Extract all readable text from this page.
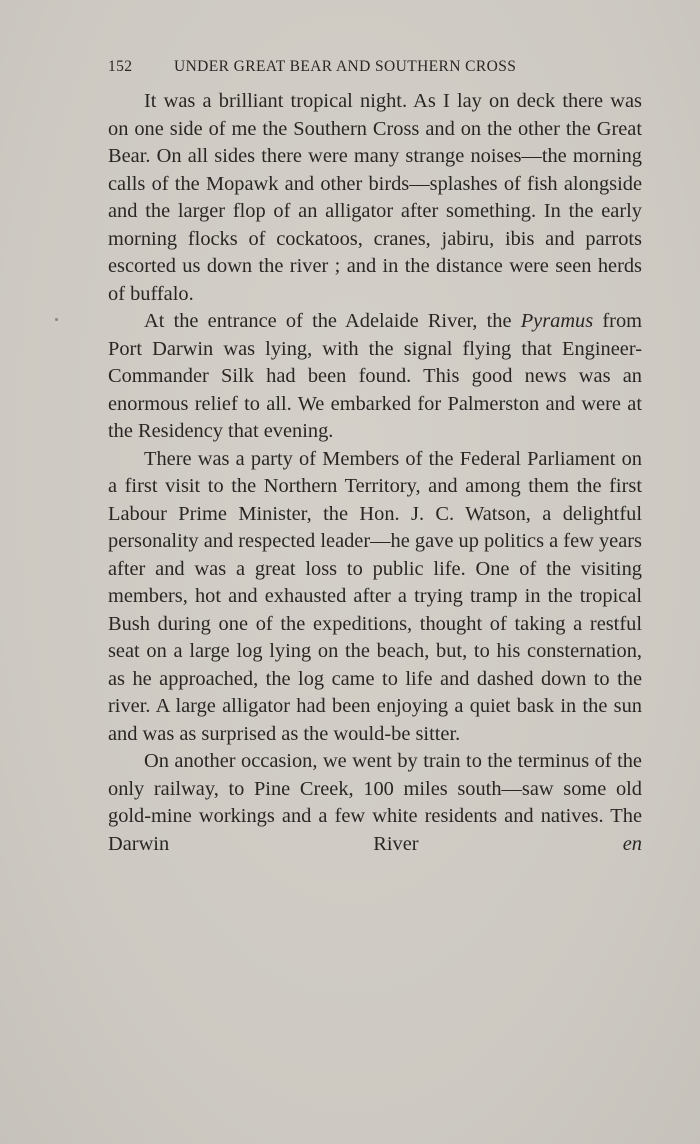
152	UNDER GREAT BEAR AND SOUTHERN CROSS

It was a brilliant tropical night. As I lay on deck there was on one side of me the Southern Cross and on the other the Great Bear. On all sides there were many strange noises—the morning calls of the Mopawk and other birds—splashes of fish alongside and the larger flop of an alligator after something. In the early morning flocks of cockatoos, cranes, jabiru, ibis and parrots escorted us down the river ; and in the distance were seen herds of buffalo.

At the entrance of the Adelaide River, the Pyramus from Port Darwin was lying, with the signal flying that Engineer-Commander Silk had been found. This good news was an enormous relief to all. We embarked for Palmerston and were at the Residency that evening.

There was a party of Members of the Federal Parliament on a first visit to the Northern Territory, and among them the first Labour Prime Minister, the Hon. J. C. Watson, a delightful personality and respected leader—he gave up politics a few years after and was a great loss to public life. One of the visiting members, hot and exhausted after a trying tramp in the tropical Bush during one of the expeditions, thought of taking a restful seat on a large log lying on the beach, but, to his consternation, as he approached, the log came to life and dashed down to the river. A large alligator had been enjoying a quiet bask in the sun and was as surprised as the would-be sitter.

On another occasion, we went by train to the terminus of the only railway, to Pine Creek, 100 miles south—saw some old gold-mine workings and a few white residents and natives. The Darwin River en
